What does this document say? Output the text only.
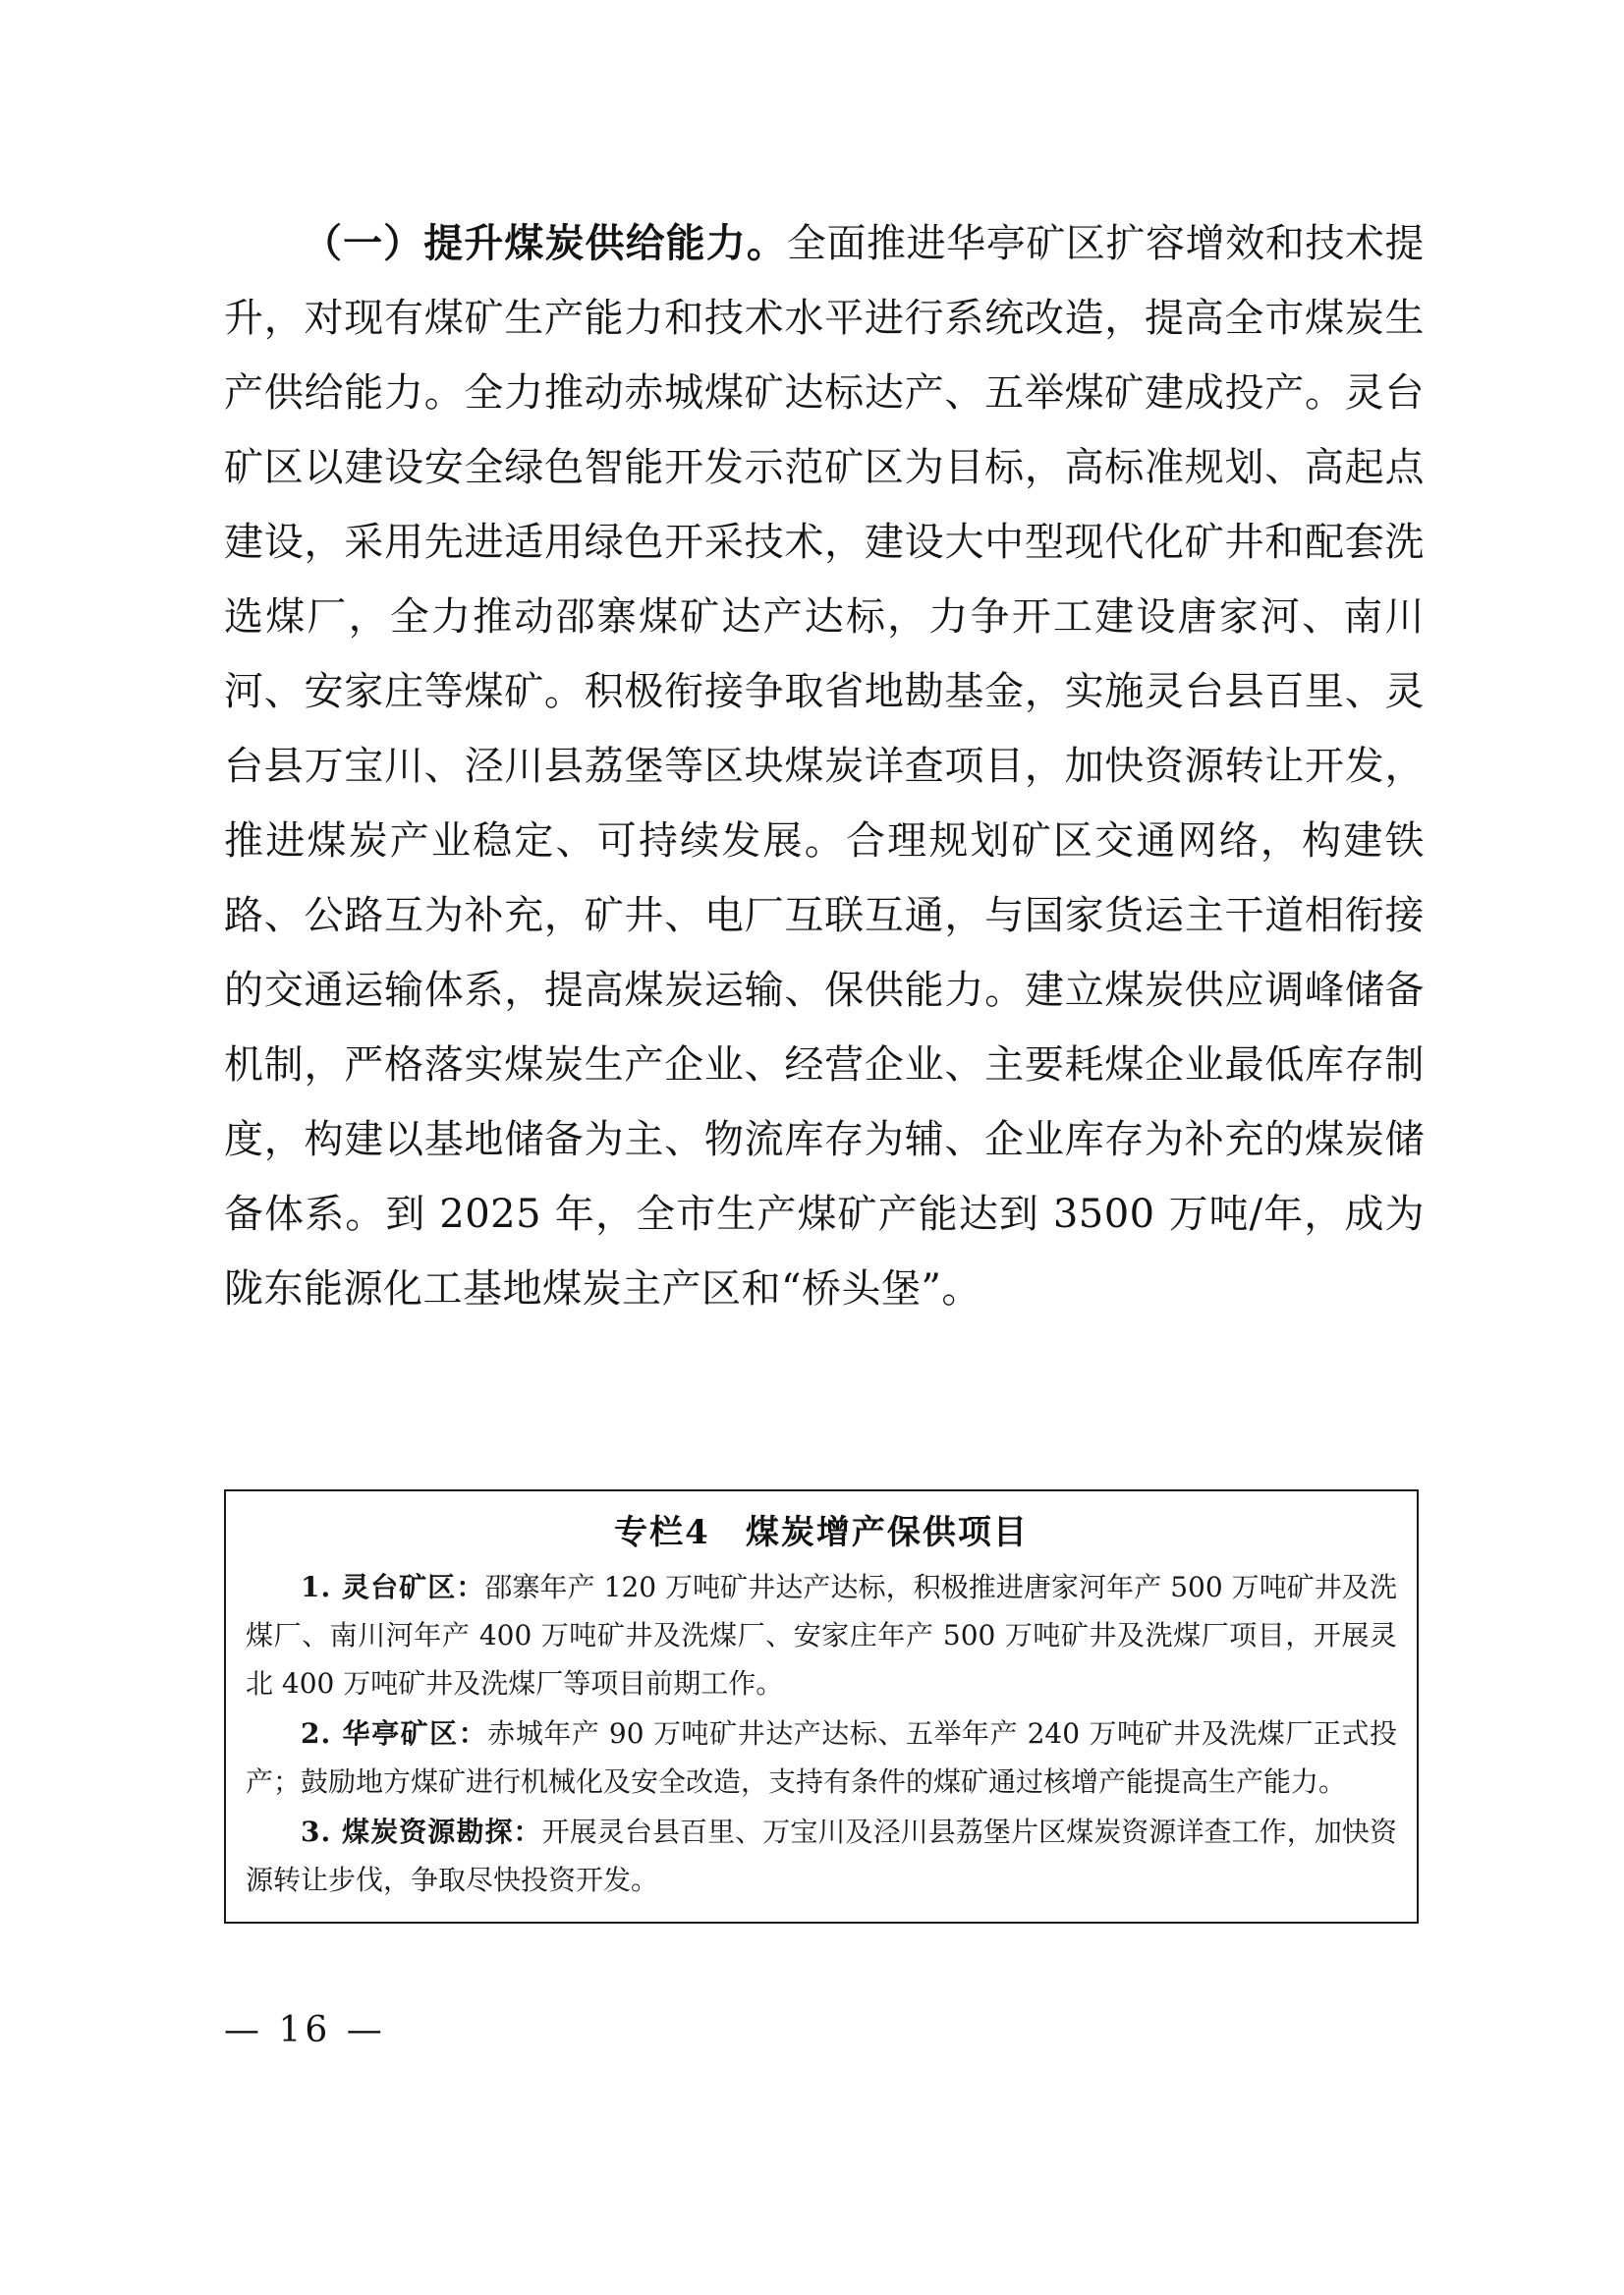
（一）提升煤炭供给能力。全面推进华亭矿区扩容增效和技术提升，对现有煤矿生产能力和技术水平进行系统改造，提高全市煤炭生产供给能力。全力推动赤城煤矿达标达产、五举煤矿建成投产。灵台矿区以建设安全绿色智能开发示范矿区为目标，高标准规划、高起点建设，采用先进适用绿色开采技术，建设大中型现代化矿井和配套洗选煤厂，全力推动邵寨煤矿达产达标，力争开工建设唐家河、南川河、安家庄等煤矿。积极衔接争取省地勘基金，实施灵台县百里、灵台县万宝川、泾川县荔堡等区块煤炭详查项目，加快资源转让开发，推进煤炭产业稳定、可持续发展。合理规划矿区交通网络，构建铁路、公路互为补充，矿井、电厂互联互通，与国家货运主干道相衔接的交通运输体系，提高煤炭运输、保供能力。建立煤炭供应调峰储备机制，严格落实煤炭生产企业、经营企业、主要耗煤企业最低库存制度，构建以基地储备为主、物流库存为辅、企业库存为补充的煤炭储备体系。到 2025 年，全市生产煤矿产能达到 3500 万吨/年，成为陇东能源化工基地煤炭主产区和“桥头堡”。

专栏4　煤炭增产保供项目

1. 灵台矿区：邵寨年产 120 万吨矿井达产达标，积极推进唐家河年产 500 万吨矿井及洗煤厂、南川河年产 400 万吨矿井及洗煤厂、安家庄年产 500 万吨矿井及洗煤厂项目，开展灵北 400 万吨矿井及洗煤厂等项目前期工作。

2. 华亭矿区：赤城年产 90 万吨矿井达产达标、五举年产 240 万吨矿井及洗煤厂正式投产；鼓励地方煤矿进行机械化及安全改造，支持有条件的煤矿通过核增产能提高生产能力。

3. 煤炭资源勘探：开展灵台县百里、万宝川及泾川县荔堡片区煤炭资源详查工作，加快资源转让步伐，争取尽快投资开发。

— 16 —
